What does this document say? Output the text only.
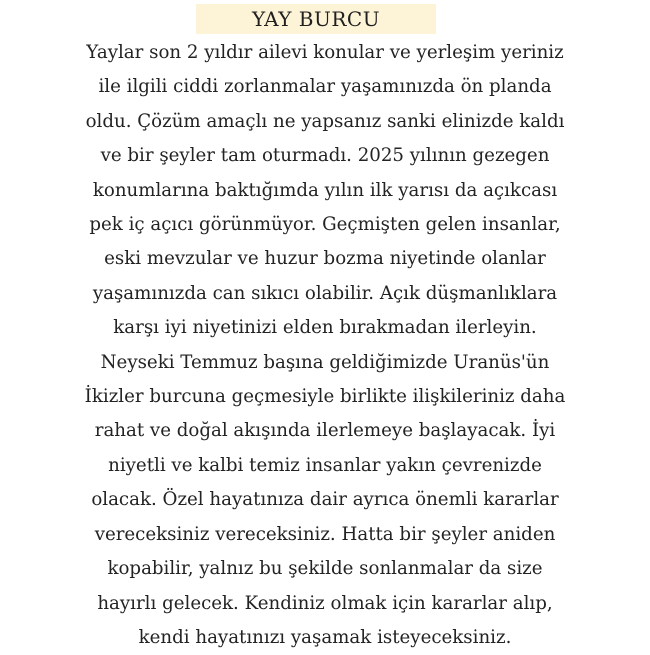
YAY BURCU

Yaylar son 2 yıldır ailevi konular ve yerleşim yeriniz
ile ilgili ciddi zorlanmalar yaşamınızda ön planda
oldu. Çözüm amaçlı ne yapsanız sanki elinizde kaldı
ve bir şeyler tam oturmadı. 2025 yılının gezegen
konumlarına baktığımda yılın ilk yarısı da açıkcası
pek iç açıcı görünmüyor. Geçmişten gelen insanlar,
eski mevzular ve huzur bozma niyetinde olanlar
yaşamınızda can sıkıcı olabilir. Açık düşmanlıklara
karşı iyi niyetinizi elden bırakmadan ilerleyin.
Neyseki Temmuz başına geldiğimizde Uranüs'ün
İkizler burcuna geçmesiyle birlikte ilişkileriniz daha
rahat ve doğal akışında ilerlemeye başlayacak. İyi
niyetli ve kalbi temiz insanlar yakın çevrenizde
olacak. Özel hayatınıza dair ayrıca önemli kararlar
vereceksiniz vereceksiniz. Hatta bir şeyler aniden
kopabilir, yalnız bu şekilde sonlanmalar da size
hayırlı gelecek. Kendiniz olmak için kararlar alıp,
kendi hayatınızı yaşamak isteyeceksiniz.
